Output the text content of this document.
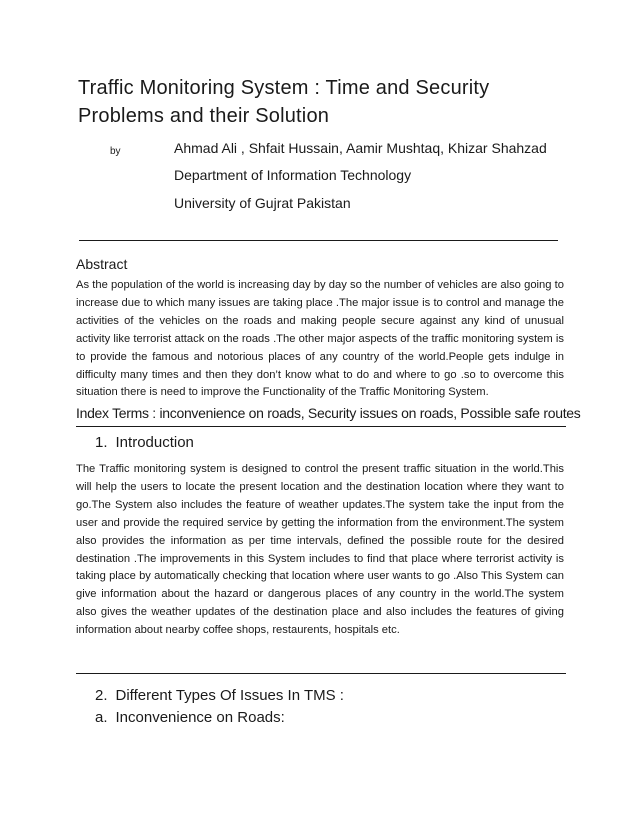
Traffic Monitoring System : Time and Security Problems and their Solution
by	Ahmad Ali , Shfait Hussain, Aamir Mushtaq, Khizar Shahzad
Department of Information Technology
University of Gujrat Pakistan
Abstract
As the population of the world is increasing day by day so the number of vehicles are also going to increase due to which many issues are taking place .The major issue is to control and manage the activities of the vehicles on the roads and making people secure against any kind of unusual activity like terrorist attack on the roads .The other major aspects of the traffic monitoring system is to provide the famous and notorious places of any country of the world.People gets indulge in difficulty many times and then they don’t know what to do and where to go .so to overcome this situation there is need to improve the Functionality of the Traffic Monitoring System.
Index Terms : inconvenience on roads, Security issues on roads, Possible safe routes
1. Introduction
The Traffic monitoring system is designed to control the present traffic situation in the world.This will help the users to locate the present location and the destination location where they want to go.The System also includes the feature of weather updates.The system take the input from the user and provide the required service by getting the information from the environment.The system also provides the information as per time intervals, defined the possible route for the desired destination .The improvements in this System includes to find that place where terrorist activity is taking place by automatically checking that location where user wants to go .Also This System can give information about the hazard or dangerous places of any country in the world.The system also gives the weather updates of the destination place and also includes the features of giving information about nearby coffee shops, restaurents, hospitals etc.
2. Different Types Of Issues In TMS :
a. Inconvenience on Roads:
